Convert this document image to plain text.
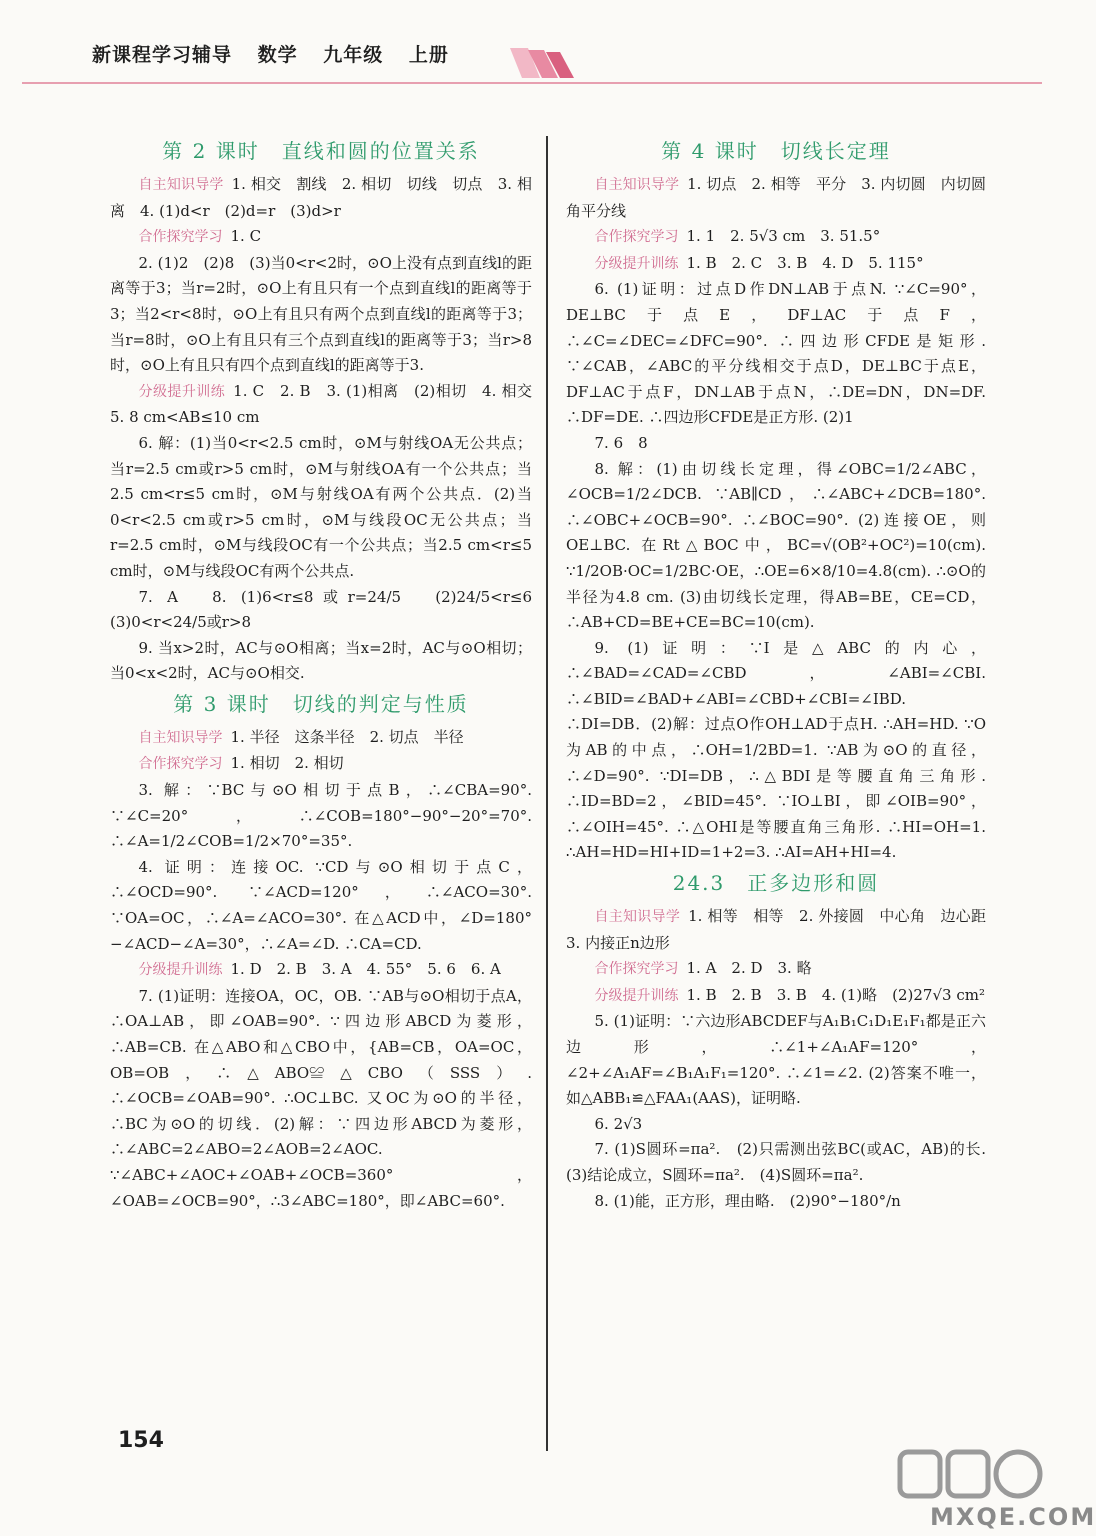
新课程学习辅导 数学 九年级 上册
第 2 课时　直线和圆的位置关系

自主知识导学 1. 相交　割线　2. 相切　切线　切点　3. 相离　4. (1)d<r　(2)d=r　(3)d>r

合作探究学习 1. C

2. (1)2　(2)8　(3)当0<r<2时，⊙O上没有点到直线l的距离等于3；当r=2时，⊙O上有且只有一个点到直线l的距离等于3；当2<r<8时，⊙O上有且只有两个点到直线l的距离等于3；当r=8时，⊙O上有且只有三个点到直线l的距离等于3；当r>8时，⊙O上有且只有四个点到直线l的距离等于3.

分级提升训练 1. C　2. B　3. (1)相离　(2)相切　4. 相交　5. 8 cm<AB≤10 cm

6. 解：(1)当0<r<2.5 cm时，⊙M与射线OA无公共点；当r=2.5 cm或r>5 cm时，⊙M与射线OA有一个公共点；当2.5 cm<r≤5 cm时，⊙M与射线OA有两个公共点．(2)当0<r<2.5 cm或r>5 cm时，⊙M与线段OC无公共点；当r=2.5 cm时，⊙M与线段OC有一个公共点；当2.5 cm<r≤5 cm时，⊙M与线段OC有两个公共点.

7. A　8. (1)6<r≤8或r=24/5　(2)24/5<r≤6　(3)0<r<24/5或r>8

9. 当x>2时，AC与⊙O相离；当x=2时，AC与⊙O相切；当0<x<2时，AC与⊙O相交.

第 3 课时　切线的判定与性质

自主知识导学 1. 半径　这条半径　2. 切点　半径

合作探究学习 1. 相切　2. 相切

3. 解：∵BC与⊙O相切于点B，∴∠CBA=90°. ∵∠C=20°，∴∠COB=180°−90°−20°=70°. ∴∠A=1/2∠COB=1/2×70°=35°.

4. 证明：连接OC. ∵CD与⊙O相切于点C，∴∠OCD=90°. ∵∠ACD=120°，∴∠ACO=30°. ∵OA=OC，∴∠A=∠ACO=30°. 在△ACD中，∠D=180°−∠ACD−∠A=30°，∴∠A=∠D. ∴CA=CD.

分级提升训练 1. D　2. B　3. A　4. 55°　5. 6　6. A

7. (1)证明：连接OA，OC，OB. ∵AB与⊙O相切于点A，∴OA⊥AB，即∠OAB=90°. ∵四边形ABCD为菱形，∴AB=CB. 在△ABO和△CBO中，{AB=CB，OA=OC，OB=OB，∴△ABO≌△CBO（SSS）. ∴∠OCB=∠OAB=90°. ∴OC⊥BC. 又OC为⊙O的半径，∴BC为⊙O的切线．(2)解：∵四边形ABCD为菱形，∴∠ABC=2∠ABO=2∠AOB=2∠AOC. ∵∠ABC+∠AOC+∠OAB+∠OCB=360°，∠OAB=∠OCB=90°，∴3∠ABC=180°，即∠ABC=60°.

第 4 课时　切线长定理

自主知识导学 1. 切点　2. 相等　平分　3. 内切圆　内切圆　角平分线

合作探究学习 1. 1　2. 5√3 cm　3. 51.5°

分级提升训练 1. B　2. C　3. B　4. D　5. 115°

6. (1)证明：过点D作DN⊥AB于点N. ∵∠C=90°，DE⊥BC于点E，DF⊥AC于点F，∴∠C=∠DEC=∠DFC=90°. ∴四边形CFDE是矩形. ∵∠CAB，∠ABC的平分线相交于点D，DE⊥BC于点E，DF⊥AC于点F，DN⊥AB于点N，∴DE=DN，DN=DF. ∴DF=DE. ∴四边形CFDE是正方形. (2)1

7. 6　8

8. 解：(1)由切线长定理，得∠OBC=1/2∠ABC，∠OCB=1/2∠DCB. ∵AB∥CD，∴∠ABC+∠DCB=180°. ∴∠OBC+∠OCB=90°. ∴∠BOC=90°. (2)连接OE，则OE⊥BC. 在Rt△BOC中，BC=√(OB²+OC²)=10(cm). ∵1/2OB·OC=1/2BC·OE，∴OE=6×8/10=4.8(cm). ∴⊙O的半径为4.8 cm. (3)由切线长定理，得AB=BE，CE=CD，∴AB+CD=BE+CE=BC=10(cm).

9. (1)证明：∵I是△ABC的内心，∴∠BAD=∠CAD=∠CBD，∠ABI=∠CBI. ∴∠BID=∠BAD+∠ABI=∠CBD+∠CBI=∠IBD. ∴DI=DB．(2)解：过点O作OH⊥AD于点H. ∴AH=HD. ∵O为AB的中点，∴OH=1/2BD=1. ∵AB为⊙O的直径，∴∠D=90°. ∵DI=DB，∴△BDI是等腰直角三角形. ∴ID=BD=2，∠BID=45°. ∵IO⊥BI，即∠OIB=90°，∴∠OIH=45°. ∴△OHI是等腰直角三角形. ∴HI=OH=1. ∴AH=HD=HI+ID=1+2=3. ∴AI=AH+HI=4.

24.3　正多边形和圆

自主知识导学 1. 相等　相等　2. 外接圆　中心角　边心距　3. 内接正n边形

合作探究学习 1. A　2. D　3. 略

分级提升训练 1. B　2. B　3. B　4. (1)略　(2)27√3 cm²

5. (1)证明：∵六边形ABCDEF与A₁B₁C₁D₁E₁F₁都是正六边形，∴∠1+∠A₁AF=120°，∠2+∠A₁AF=∠B₁A₁F₁=120°. ∴∠1=∠2. (2)答案不唯一，如△ABB₁≌△FAA₁(AAS)，证明略.

6. 2√3

7. (1)S圆环=πa².　(2)只需测出弦BC(或AC，AB)的长.　(3)结论成立，S圆环=πa².　(4)S圆环=πa².

8. (1)能，正方形，理由略.　(2)90°−180°/n

154
MXQE.COM
